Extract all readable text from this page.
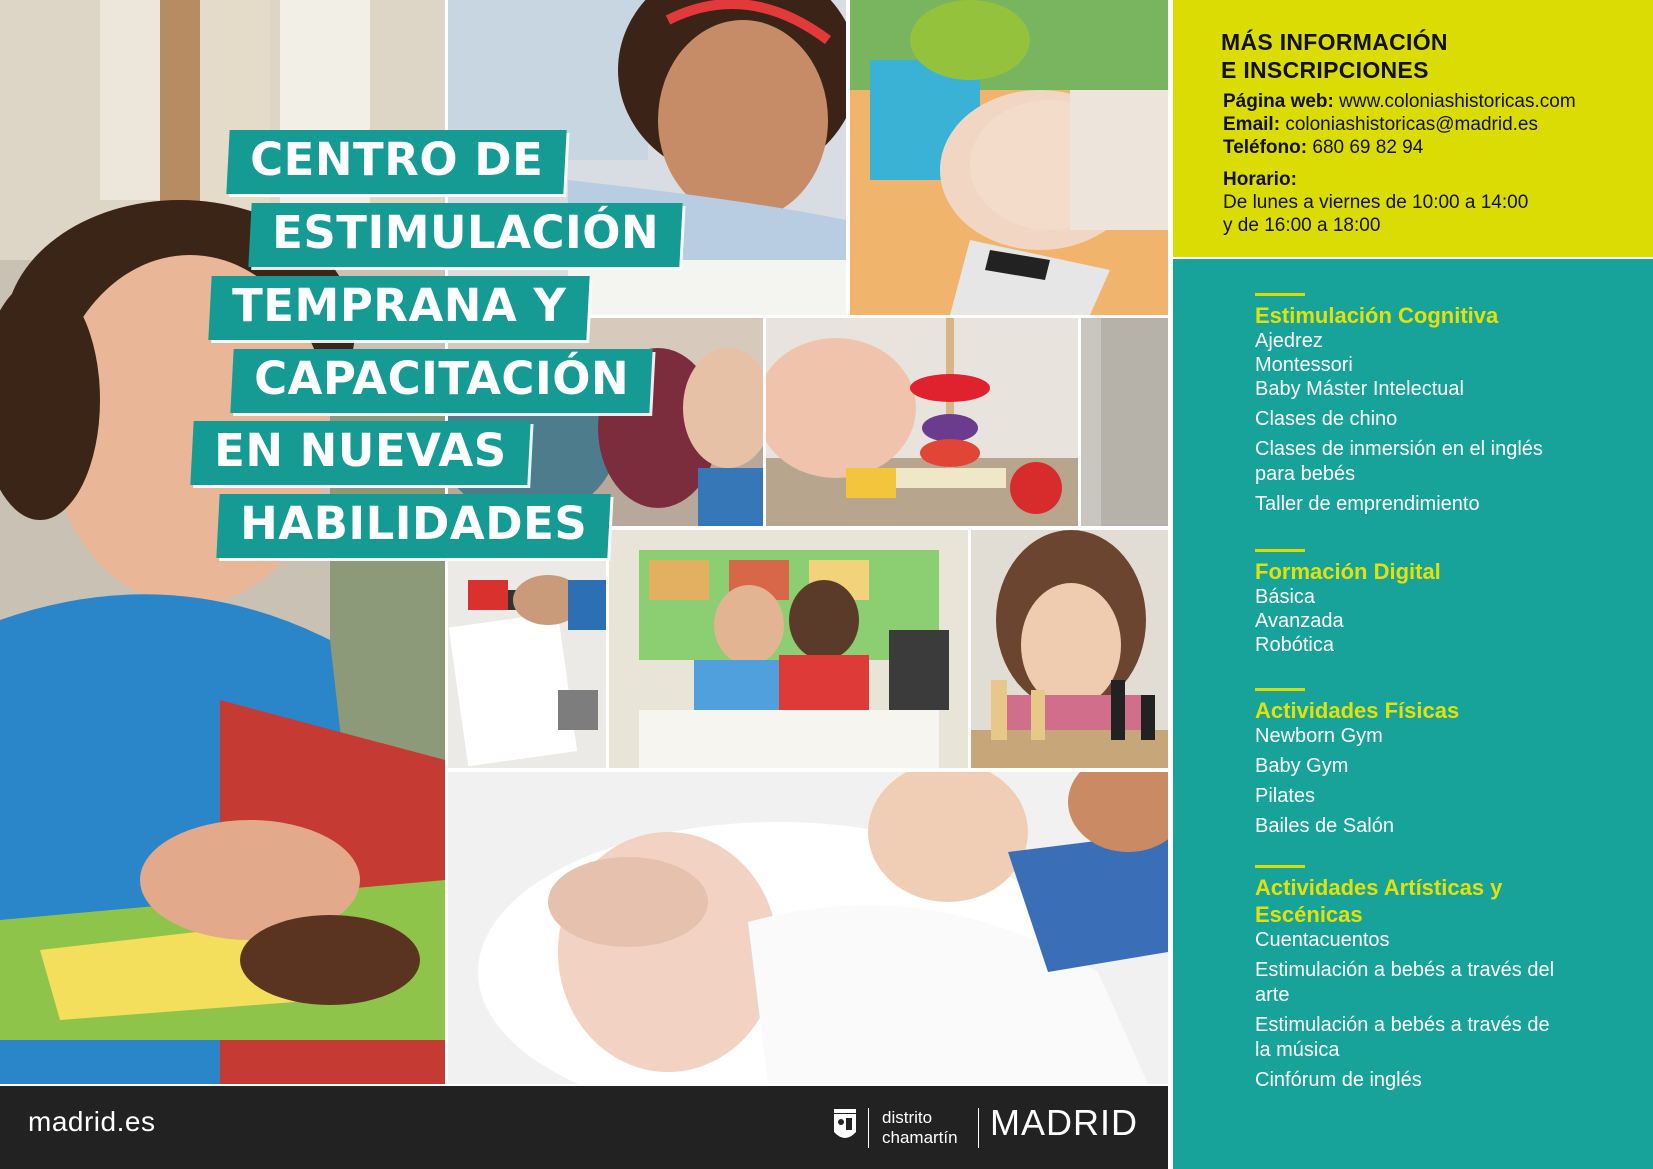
CENTRO DE
ESTIMULACIÓN
TEMPRANA Y
CAPACITACIÓN
EN NUEVAS
HABILIDADES
MÁS INFORMACIÓN
E INSCRIPCIONES
Página web: www.coloniashistoricas.com
Email: coloniashistoricas@madrid.es
Teléfono: 680 69 82 94
Horario:
De lunes a viernes de 10:00 a 14:00
y de 16:00 a 18:00
Estimulación Cognitiva
Ajedrez
Montessori
Baby Máster Intelectual
Clases de chino
Clases de inmersión en el inglés para bebés
Taller de emprendimiento
Formación Digital
Básica
Avanzada
Robótica
Actividades Físicas
Newborn Gym
Baby Gym
Pilates
Bailes de Salón
Actividades Artísticas y Escénicas
Cuentacuentos
Estimulación a bebés a través del arte
Estimulación a bebés a través de la música
Cinfórum de inglés
madrid.es	distrito
chamartín MADRID
